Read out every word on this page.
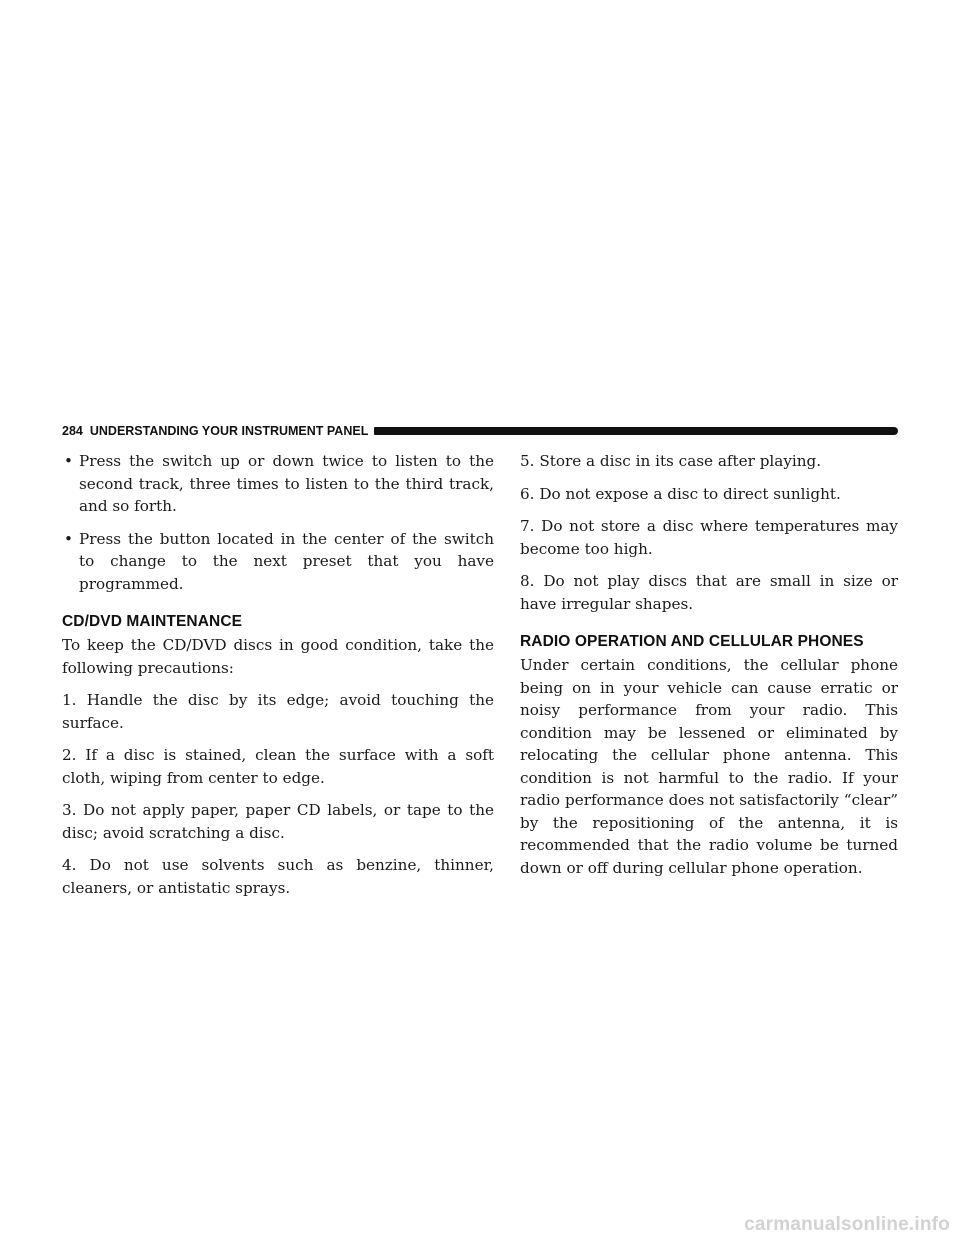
284 UNDERSTANDING YOUR INSTRUMENT PANEL
• Press the switch up or down twice to listen to the second track, three times to listen to the third track, and so forth.
• Press the button located in the center of the switch to change to the next preset that you have programmed.
CD/DVD MAINTENANCE

To keep the CD/DVD discs in good condition, take the following precautions:

1. Handle the disc by its edge; avoid touching the surface.

2. If a disc is stained, clean the surface with a soft cloth, wiping from center to edge.

3. Do not apply paper, paper CD labels, or tape to the disc; avoid scratching a disc.

4. Do not use solvents such as benzine, thinner, cleaners, or antistatic sprays.

5. Store a disc in its case after playing.

6. Do not expose a disc to direct sunlight.

7. Do not store a disc where temperatures may become too high.

8. Do not play discs that are small in size or have irregular shapes.

RADIO OPERATION AND CELLULAR PHONES

Under certain conditions, the cellular phone being on in your vehicle can cause erratic or noisy performance from your radio. This condition may be lessened or eliminated by relocating the cellular phone antenna. This condition is not harmful to the radio. If your radio performance does not satisfactorily “clear” by the repositioning of the antenna, it is recommended that the radio volume be turned down or off during cellular phone operation.

carmanualsonline.info
